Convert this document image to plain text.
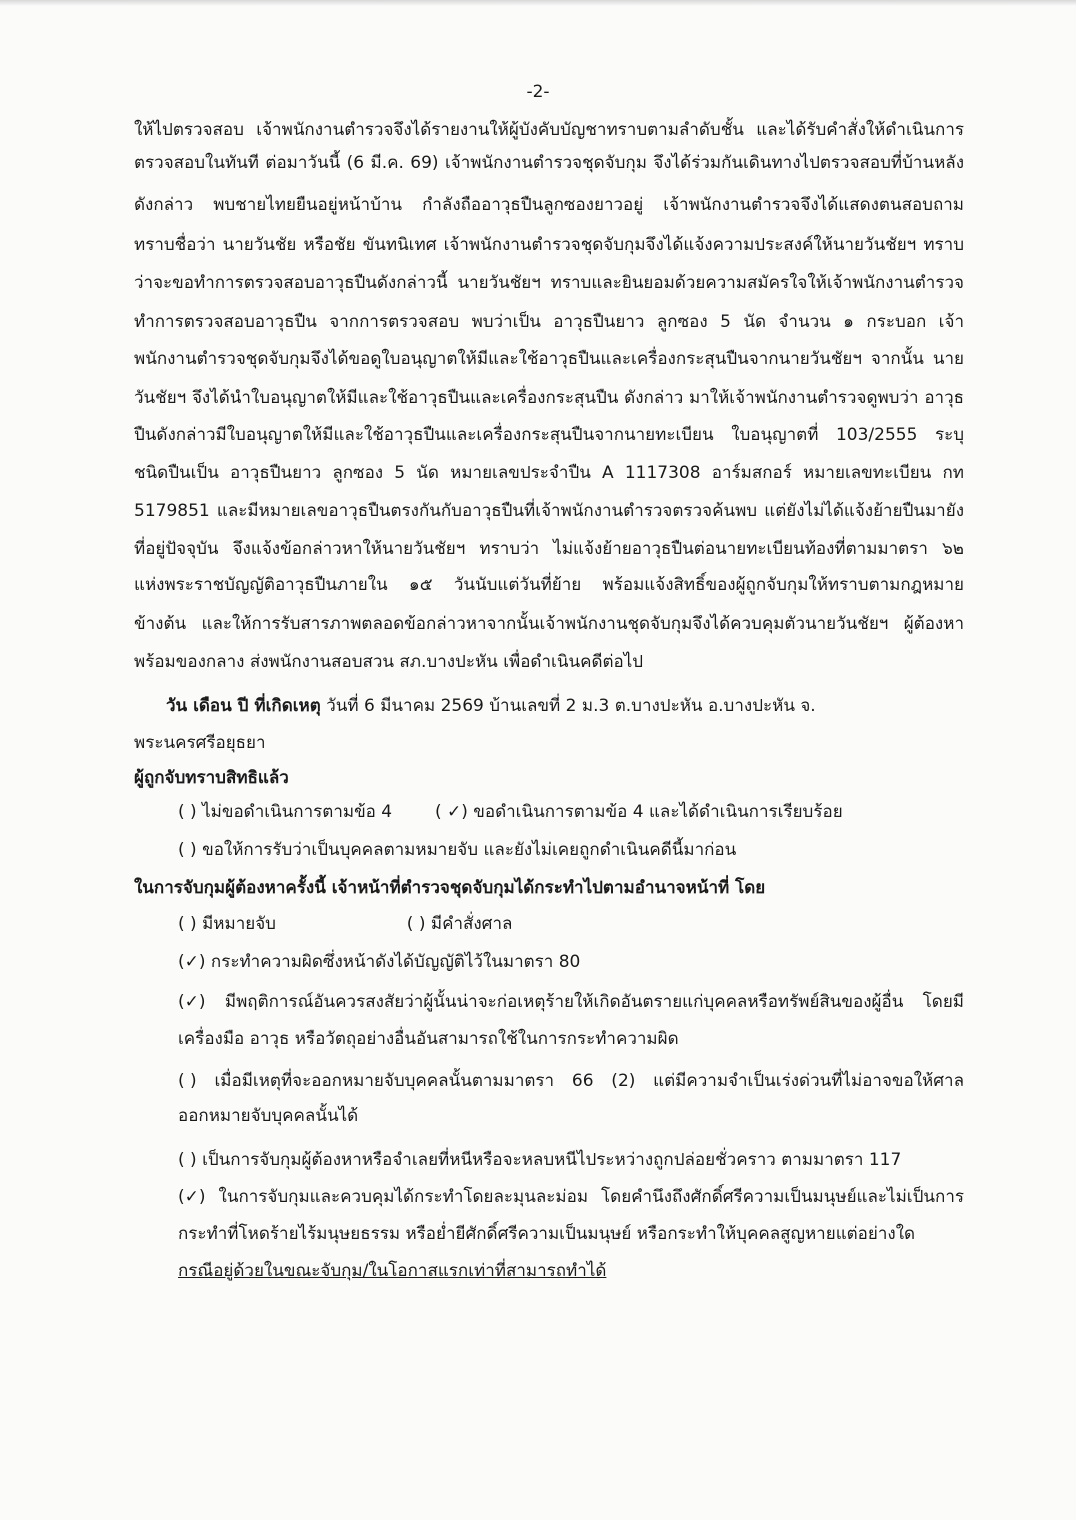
-2-
ให้ไปตรวจสอบ เจ้าพนักงานตำรวจจึงได้รายงานให้ผู้บังคับบัญชาทราบตามลำดับชั้น และได้รับคำสั่งให้ดำเนินการ
ตรวจสอบในทันที ต่อมาวันนี้ (6 มี.ค. 69) เจ้าพนักงานตำรวจชุดจับกุม จึงได้ร่วมกันเดินทางไปตรวจสอบที่บ้านหลัง
ดังกล่าว พบชายไทยยืนอยู่หน้าบ้าน กำลังถืออาวุธปืนลูกซองยาวอยู่ เจ้าพนักงานตำรวจจึงได้แสดงตนสอบถาม
ทราบชื่อว่า นายวันชัย หรือชัย ขันทนิเทศ เจ้าพนักงานตำรวจชุดจับกุมจึงได้แจ้งความประสงค์ให้นายวันชัยฯ ทราบ
ว่าจะขอทำการตรวจสอบอาวุธปืนดังกล่าวนี้ นายวันชัยฯ ทราบและยินยอมด้วยความสมัครใจให้เจ้าพนักงานตำรวจ
ทำการตรวจสอบอาวุธปืน จากการตรวจสอบ พบว่าเป็น อาวุธปืนยาว ลูกซอง 5 นัด จำนวน ๑ กระบอก เจ้า
พนักงานตำรวจชุดจับกุมจึงได้ขอดูใบอนุญาตให้มีและใช้อาวุธปืนและเครื่องกระสุนปืนจากนายวันชัยฯ จากนั้น นาย
วันชัยฯ จึงได้นำใบอนุญาตให้มีและใช้อาวุธปืนและเครื่องกระสุนปืน ดังกล่าว มาให้เจ้าพนักงานตำรวจดูพบว่า อาวุธ
ปืนดังกล่าวมีใบอนุญาตให้มีและใช้อาวุธปืนและเครื่องกระสุนปืนจากนายทะเบียน ใบอนุญาตที่ 103/2555 ระบุ
ชนิดปืนเป็น อาวุธปืนยาว ลูกซอง 5 นัด หมายเลขประจำปืน A 1117308 อาร์มสกอร์ หมายเลขทะเบียน กท
5179851 และมีหมายเลขอาวุธปืนตรงกันกับอาวุธปืนที่เจ้าพนักงานตำรวจตรวจค้นพบ แต่ยังไม่ได้แจ้งย้ายปืนมายัง
ที่อยู่ปัจจุบัน จึงแจ้งข้อกล่าวหาให้นายวันชัยฯ ทราบว่า ไม่แจ้งย้ายอาวุธปืนต่อนายทะเบียนท้องที่ตามมาตรา ๖๒
แห่งพระราชบัญญัติอาวุธปืนภายใน ๑๕ วันนับแต่วันที่ย้าย พร้อมแจ้งสิทธิ์ของผู้ถูกจับกุมให้ทราบตามกฎหมาย
ข้างต้น และให้การรับสารภาพตลอดข้อกล่าวหาจากนั้นเจ้าพนักงานชุดจับกุมจึงได้ควบคุมตัวนายวันชัยฯ ผู้ต้องหา
พร้อมของกลาง ส่งพนักงานสอบสวน สภ.บางปะหัน เพื่อดำเนินคดีต่อไป
วัน เดือน ปี ที่เกิดเหตุ วันที่ 6 มีนาคม 2569 บ้านเลขที่ 2 ม.3 ต.บางปะหัน อ.บางปะหัน จ.
พระนครศรีอยุธยา
ผู้ถูกจับทราบสิทธิแล้ว
( ) ไม่ขอดำเนินการตามข้อ 4	( ✓) ขอดำเนินการตามข้อ 4 และได้ดำเนินการเรียบร้อย
( ) ขอให้การรับว่าเป็นบุคคลตามหมายจับ และยังไม่เคยถูกดำเนินคดีนี้มาก่อน
ในการจับกุมผู้ต้องหาครั้งนี้ เจ้าหน้าที่ตำรวจชุดจับกุมได้กระทำไปตามอำนาจหน้าที่ โดย
( ) มีหมายจับ	( ) มีคำสั่งศาล
(✓) กระทำความผิดซึ่งหน้าดังได้บัญญัติไว้ในมาตรา 80
(✓) มีพฤติการณ์อันควรสงสัยว่าผู้นั้นน่าจะก่อเหตุร้ายให้เกิดอันตรายแก่บุคคลหรือทรัพย์สินของผู้อื่น โดยมี
เครื่องมือ อาวุธ หรือวัตถุอย่างอื่นอันสามารถใช้ในการกระทำความผิด
( ) เมื่อมีเหตุที่จะออกหมายจับบุคคลนั้นตามมาตรา 66 (2) แต่มีความจำเป็นเร่งด่วนที่ไม่อาจขอให้ศาล
ออกหมายจับบุคคลนั้นได้
( ) เป็นการจับกุมผู้ต้องหาหรือจำเลยที่หนีหรือจะหลบหนีไประหว่างถูกปล่อยชั่วคราว ตามมาตรา 117
(✓) ในการจับกุมและควบคุมได้กระทำโดยละมุนละม่อม โดยคำนึงถึงศักดิ์ศรีความเป็นมนุษย์และไม่เป็นการ
กระทำที่โหดร้ายไร้มนุษยธรรม หรือย่ำยีศักดิ์ศรีความเป็นมนุษย์ หรือกระทำให้บุคคลสูญหายแต่อย่างใด
กรณีอยู่ด้วยในขณะจับกุม/ในโอกาสแรกเท่าที่สามารถทำได้
